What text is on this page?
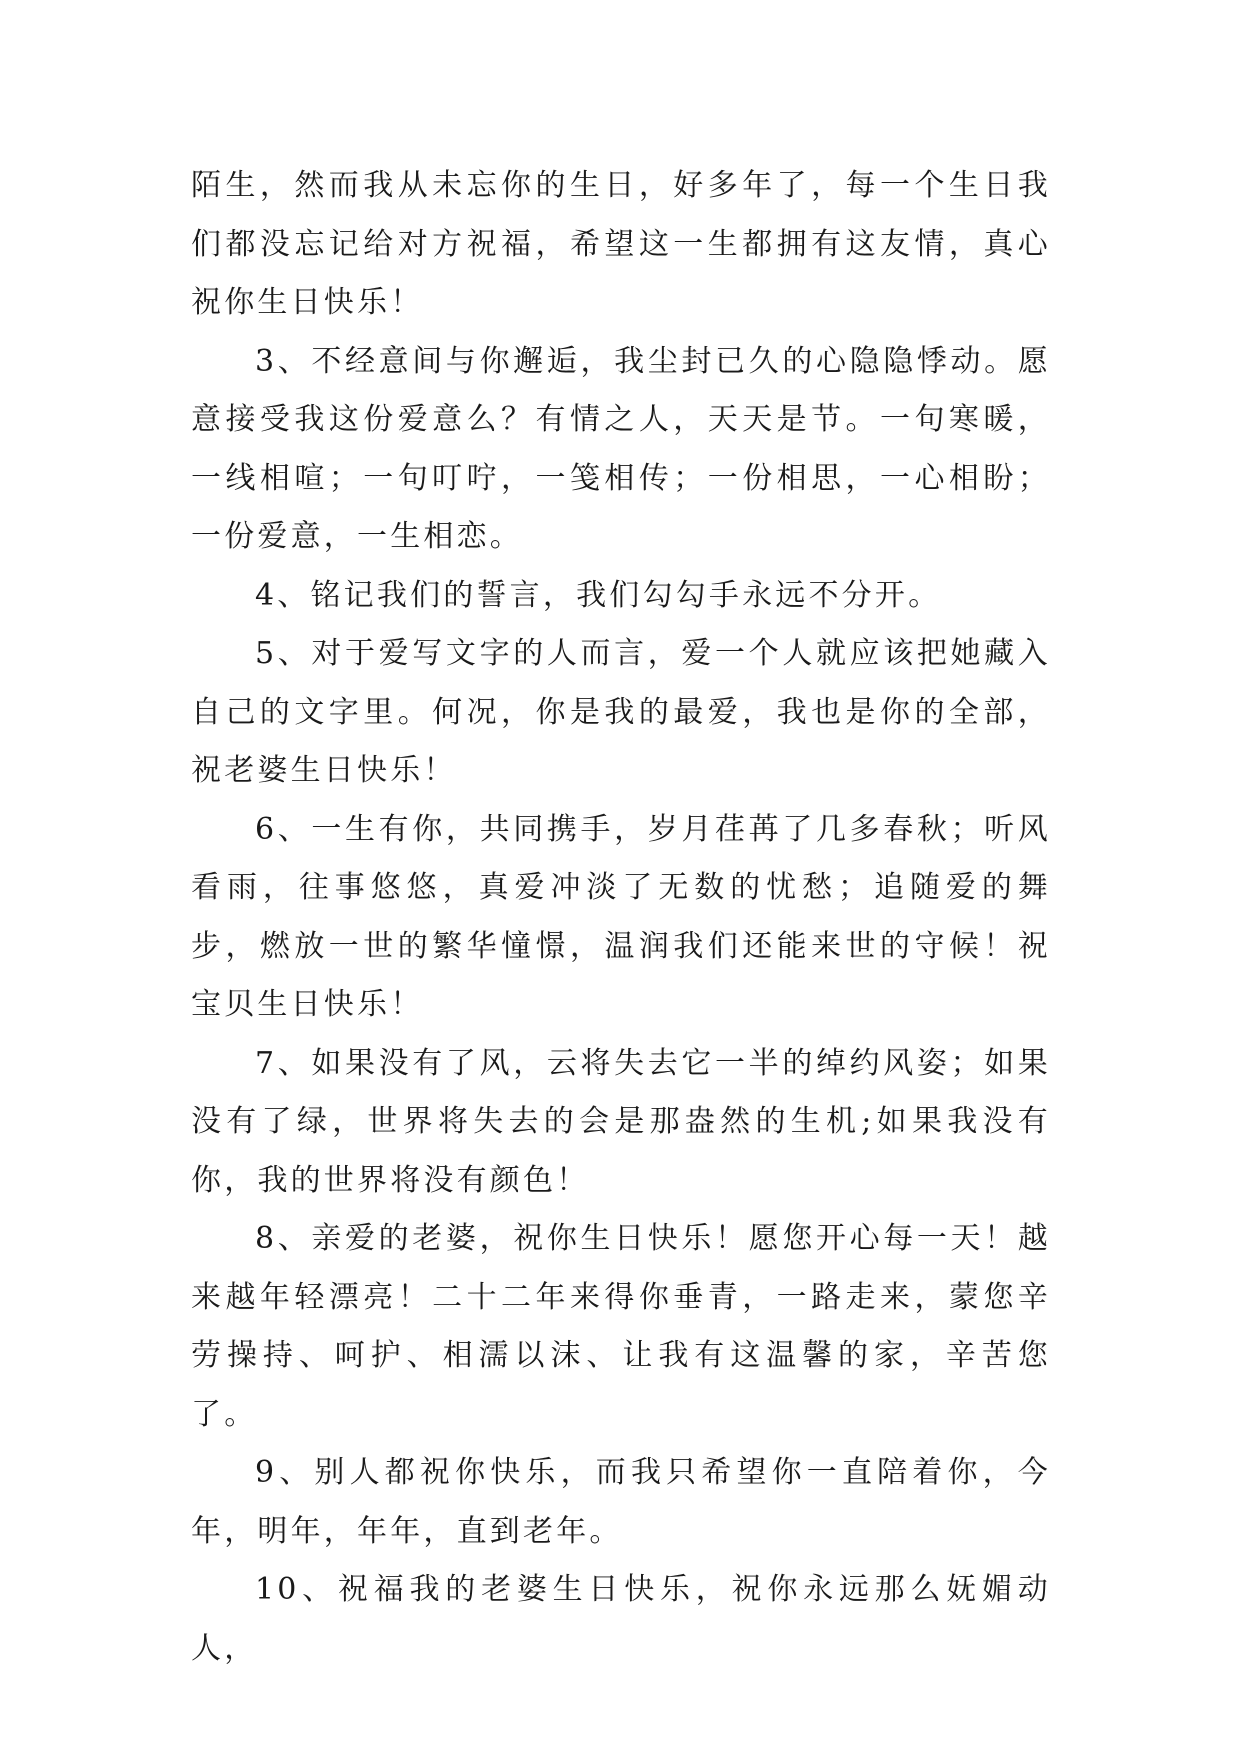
陌生，然而我从未忘你的生日，好多年了，每一个生日我们都没忘记给对方祝福，希望这一生都拥有这友情，真心祝你生日快乐！

3、不经意间与你邂逅，我尘封已久的心隐隐悸动。愿意接受我这份爱意么？有情之人，天天是节。一句寒暖，一线相喧；一句叮咛，一笺相传；一份相思，一心相盼；一份爱意，一生相恋。

4、铭记我们的誓言，我们勾勾手永远不分开。

5、对于爱写文字的人而言，爱一个人就应该把她藏入自己的文字里。何况，你是我的最爱，我也是你的全部，祝老婆生日快乐！

6、一生有你，共同携手，岁月荏苒了几多春秋；听风看雨，往事悠悠，真爱冲淡了无数的忧愁；追随爱的舞步，燃放一世的繁华憧憬，温润我们还能来世的守候！祝宝贝生日快乐！

7、如果没有了风，云将失去它一半的绰约风姿；如果没有了绿，世界将失去的会是那盎然的生机;如果我没有你，我的世界将没有颜色！

8、亲爱的老婆，祝你生日快乐！愿您开心每一天！越来越年轻漂亮！二十二年来得你垂青，一路走来，蒙您辛劳操持、呵护、相濡以沫、让我有这温馨的家，辛苦您了。

9、别人都祝你快乐，而我只希望你一直陪着你，今年，明年，年年，直到老年。

10、祝福我的老婆生日快乐，祝你永远那么妩媚动人，
